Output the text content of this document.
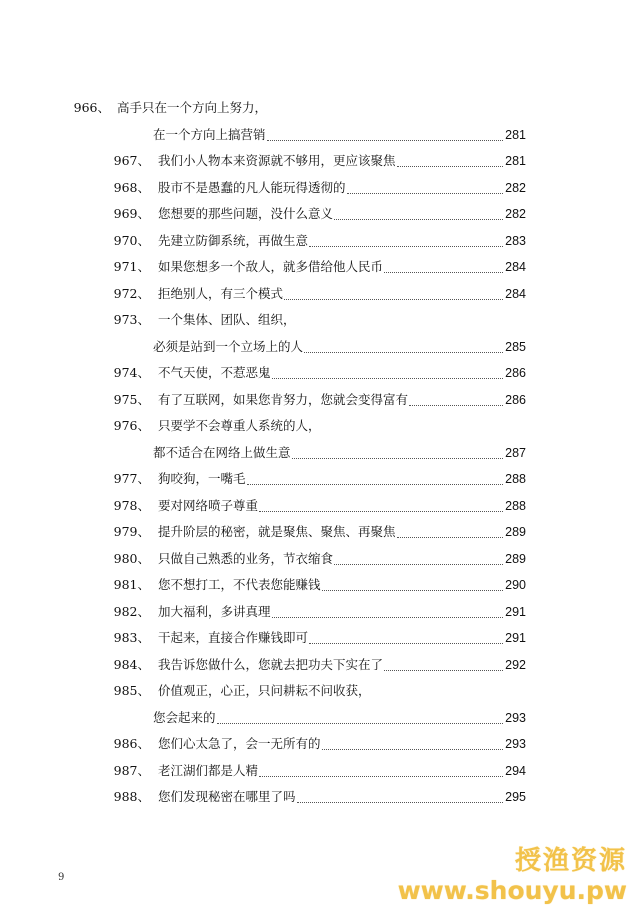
966、 高手只在一个方向上努力，
在一个方向上搞营销	281
967、 我们小人物本来资源就不够用，更应该聚焦	281
968、 股市不是愚蠢的凡人能玩得透彻的	282
969、 您想要的那些问题，没什么意义	282
970、 先建立防御系统，再做生意	283
971、 如果您想多一个敌人，就多借给他人民币	284
972、 拒绝别人，有三个模式	284
973、 一个集体、团队、组织，
必须是站到一个立场上的人	285
974、 不气天使，不惹恶鬼	286
975、 有了互联网，如果您肯努力，您就会变得富有	286
976、 只要学不会尊重人系统的人，
都不适合在网络上做生意	287
977、 狗咬狗，一嘴毛	288
978、 要对网络喷子尊重	288
979、 提升阶层的秘密，就是聚焦、聚焦、再聚焦	289
980、 只做自己熟悉的业务，节衣缩食	289
981、 您不想打工，不代表您能赚钱	290
982、 加大福利，多讲真理	291
983、 干起来，直接合作赚钱即可	291
984、 我告诉您做什么，您就去把功夫下实在了	292
985、 价值观正，心正，只问耕耘不问收获，
您会起来的	293
986、 您们心太急了，会一无所有的	293
987、 老江湖们都是人精	294
988、 您们发现秘密在哪里了吗	295
9
授渔资源
www.shouyu.pw
